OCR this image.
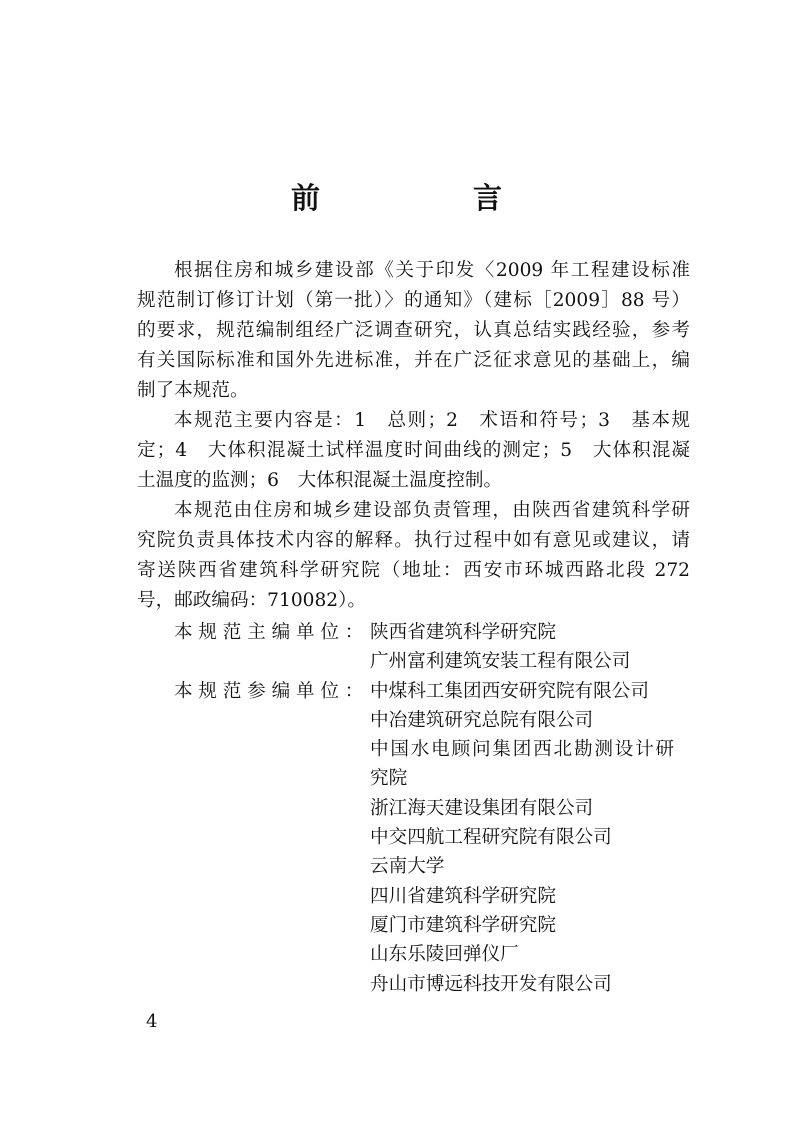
前　言

根据住房和城乡建设部《关于印发〈2009 年工程建设标准
规范制订修订计划（第一批）〉的通知》（建标［2009］88 号）
的要求，规范编制组经广泛调查研究，认真总结实践经验，参考
有关国际标准和国外先进标准，并在广泛征求意见的基础上，编
制了本规范。

本规范主要内容是：1　总则；2　术语和符号；3　基本规
定；4　大体积混凝土试样温度时间曲线的测定；5　大体积混凝
土温度的监测；6　大体积混凝土温度控制。

本规范由住房和城乡建设部负责管理，由陕西省建筑科学研
究院负责具体技术内容的解释。执行过程中如有意见或建议，请
寄送陕西省建筑科学研究院（地址：西安市环城西路北段 272
号，邮政编码：710082）。

本规范主编单位： 陕西省建筑科学研究院
广州富利建筑安装工程有限公司
本规范参编单位： 中煤科工集团西安研究院有限公司
中冶建筑研究总院有限公司
中国水电顾问集团西北勘测设计研
究院
浙江海天建设集团有限公司
中交四航工程研究院有限公司
云南大学
四川省建筑科学研究院
厦门市建筑科学研究院
山东乐陵回弹仪厂
舟山市博远科技开发有限公司
4
